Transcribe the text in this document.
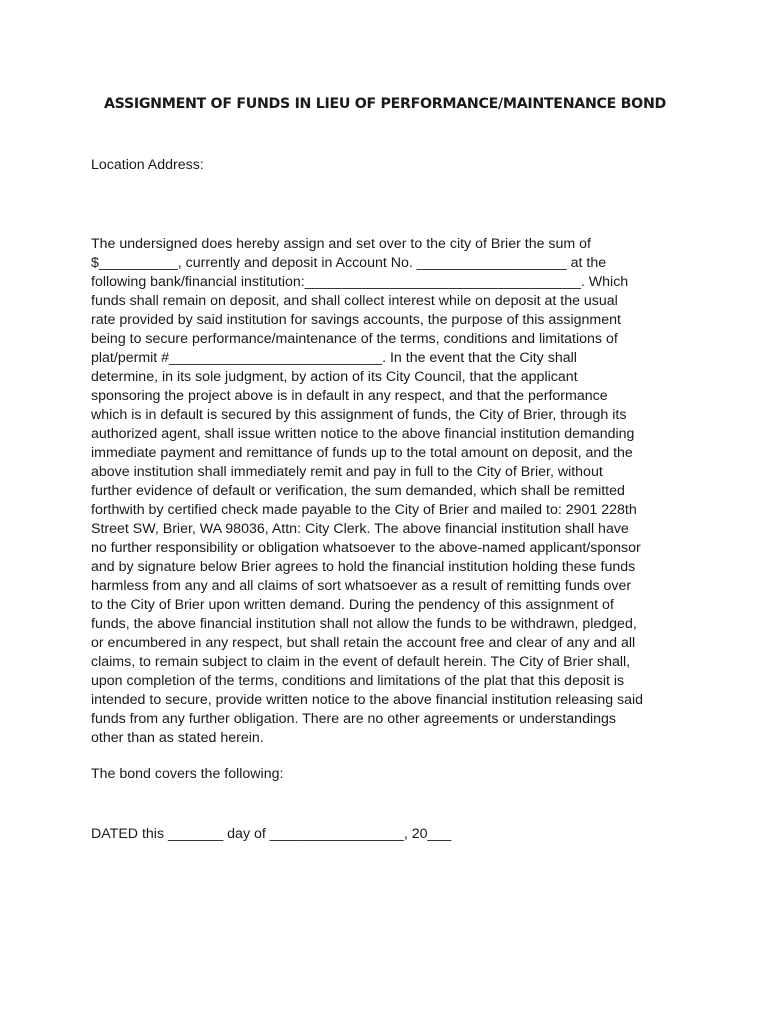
ASSIGNMENT OF FUNDS IN LIEU OF PERFORMANCE/MAINTENANCE BOND
Location Address:
The undersigned does hereby assign and set over to the city of Brier the sum of
$__________, currently and deposit in Account No. ___________________ at the
following bank/financial institution:___________________________________. Which
funds shall remain on deposit, and shall collect interest while on deposit at the usual
rate provided by said institution for savings accounts, the purpose of this assignment
being to secure performance/maintenance of the terms, conditions and limitations of
plat/permit #___________________________. In the event that the City shall
determine, in its sole judgment, by action of its City Council, that the applicant
sponsoring the project above is in default in any respect, and that the performance
which is in default is secured by this assignment of funds, the City of Brier, through its
authorized agent, shall issue written notice to the above financial institution demanding
immediate payment and remittance of funds up to the total amount on deposit, and the
above institution shall immediately remit and pay in full to the City of Brier, without
further evidence of default or verification, the sum demanded, which shall be remitted
forthwith by certified check made payable to the City of Brier and mailed to: 2901 228th
Street SW, Brier, WA 98036, Attn: City Clerk. The above financial institution shall have
no further responsibility or obligation whatsoever to the above-named applicant/sponsor
and by signature below Brier agrees to hold the financial institution holding these funds
harmless from any and all claims of sort whatsoever as a result of remitting funds over
to the City of Brier upon written demand. During the pendency of this assignment of
funds, the above financial institution shall not allow the funds to be withdrawn, pledged,
or encumbered in any respect, but shall retain the account free and clear of any and all
claims, to remain subject to claim in the event of default herein. The City of Brier shall,
upon completion of the terms, conditions and limitations of the plat that this deposit is
intended to secure, provide written notice to the above financial institution releasing said
funds from any further obligation. There are no other agreements or understandings
other than as stated herein.
The bond covers the following:
DATED this _______ day of _________________, 20___
